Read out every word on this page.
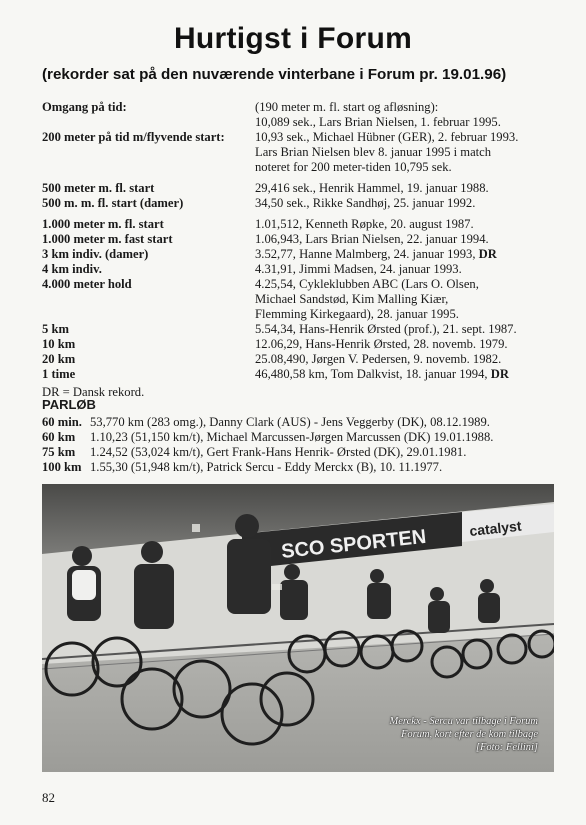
Hurtigst i Forum
(rekorder sat på den nuværende vinterbane i Forum pr. 19.01.96)
Omgang på tid:	(190 meter m. fl. start og afløsning):
10,089 sek., Lars Brian Nielsen, 1. februar 1995.
200 meter på tid m/flyvende start: 10,93 sek., Michael Hübner (GER), 2. februar 1993.
Lars Brian Nielsen blev 8. januar 1995 i match
noteret for 200 meter-tiden 10,795 sek.
500 meter m. fl. start	29,416 sek., Henrik Hammel, 19. januar 1988.
500 m. m. fl. start (damer)	34,50 sek., Rikke Sandhøj, 25. januar 1992.
1.000 meter m. fl. start	1.01,512, Kenneth Røpke, 20. august 1987.
1.000 meter m. fast start	1.06,943, Lars Brian Nielsen, 22. januar 1994.
3 km indiv. (damer)	3.52,77, Hanne Malmberg, 24. januar 1993, DR
4 km indiv.	4.31,91, Jimmi Madsen, 24. januar 1993.
4.000 meter hold	4.25,54, Cykleklubben ABC (Lars O. Olsen,
Michael Sandstød, Kim Malling Kiær,
Flemming Kirkegaard), 28. januar 1995.
5 km	5.54,34, Hans-Henrik Ørsted (prof.), 21. sept. 1987.
10 km	12.06,29, Hans-Henrik Ørsted, 28. novemb. 1979.
20 km	25.08,490, Jørgen V. Pedersen, 9. novemb. 1982.
1 time	46,480,58 km, Tom Dalkvist, 18. januar 1994, DR
DR = Dansk rekord.
PARLØB
60 min. 53,770 km (283 omg.), Danny Clark (AUS) - Jens Veggerby (DK), 08.12.1989.
60 km 1.10,23 (51,150 km/t), Michael Marcussen-Jørgen Marcussen (DK) 19.01.1988.
75 km 1.24,52 (53,024 km/t), Gert Frank-Hans Henrik- Ørsted (DK), 29.01.1981.
100 km 1.55,30 (51,948 km/t), Patrick Sercu - Eddy Merckx (B), 10. 11.1977.
SCO SPORTEN	catalyst
Merckx - Sercu var tilbage i Forum
Forum, kort efter de kom tilbage
[Foto: Fellini]
82
